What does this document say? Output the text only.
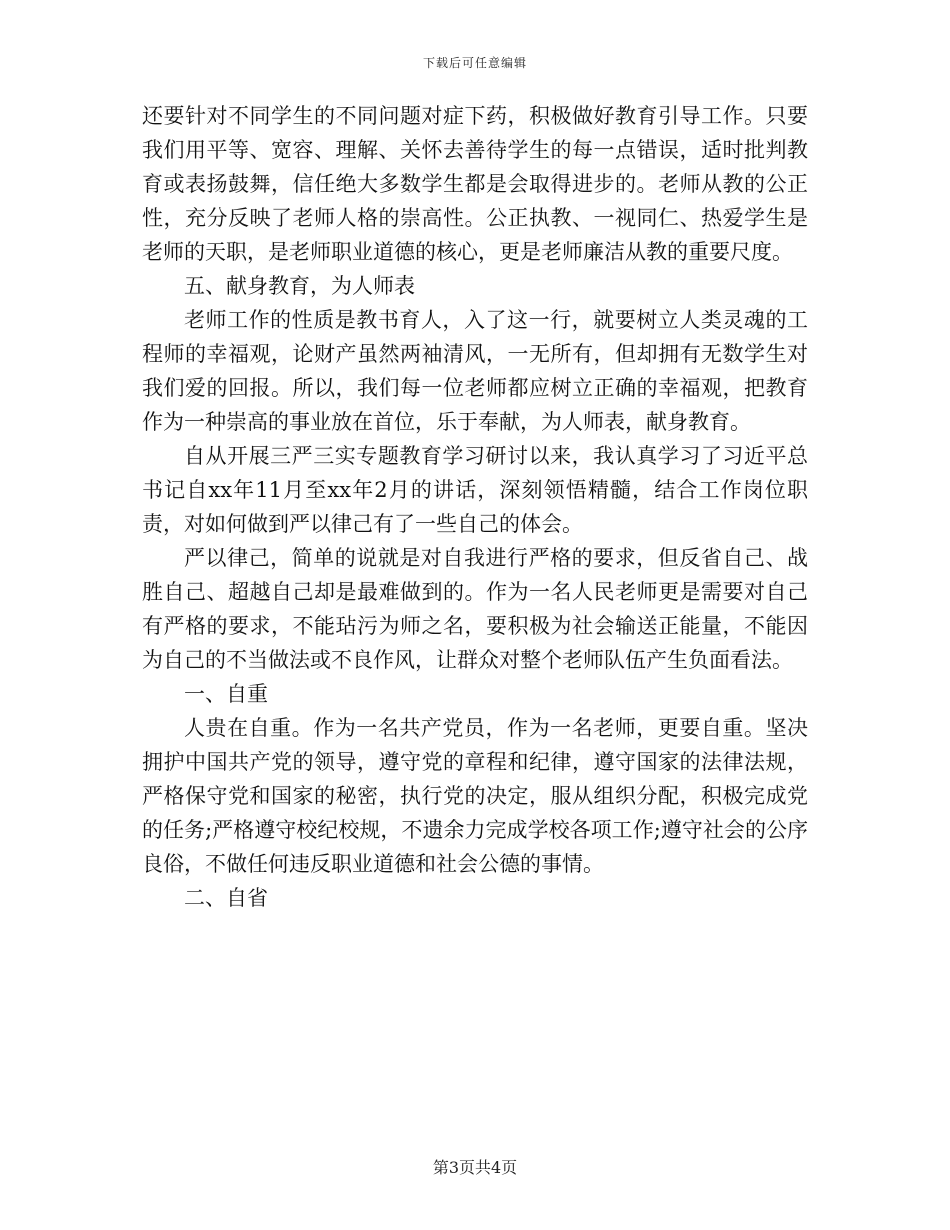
下载后可任意编辑

还要针对不同学生的不同问题对症下药，积极做好教育引导工作。只要我们用平等、宽容、理解、关怀去善待学生的每一点错误，适时批判教育或表扬鼓舞，信任绝大多数学生都是会取得进步的。老师从教的公正性，充分反映了老师人格的崇高性。公正执教、一视同仁、热爱学生是老师的天职，是老师职业道德的核心，更是老师廉洁从教的重要尺度。

五、献身教育，为人师表

老师工作的性质是教书育人，入了这一行，就要树立人类灵魂的工程师的幸福观，论财产虽然两袖清风，一无所有，但却拥有无数学生对我们爱的回报。所以，我们每一位老师都应树立正确的幸福观，把教育作为一种崇高的事业放在首位，乐于奉献，为人师表，献身教育。

自从开展三严三实专题教育学习研讨以来，我认真学习了习近平总书记自xx年11月至xx年2月的讲话，深刻领悟精髓，结合工作岗位职责，对如何做到严以律己有了一些自己的体会。

严以律己，简单的说就是对自我进行严格的要求，但反省自己、战胜自己、超越自己却是最难做到的。作为一名人民老师更是需要对自己有严格的要求，不能玷污为师之名，要积极为社会输送正能量，不能因为自己的不当做法或不良作风，让群众对整个老师队伍产生负面看法。

一、自重

人贵在自重。作为一名共产党员，作为一名老师，更要自重。坚决拥护中国共产党的领导，遵守党的章程和纪律，遵守国家的法律法规，严格保守党和国家的秘密，执行党的决定，服从组织分配，积极完成党的任务;严格遵守校纪校规，不遗余力完成学校各项工作;遵守社会的公序良俗，不做任何违反职业道德和社会公德的事情。

二、自省

第3页共4页
